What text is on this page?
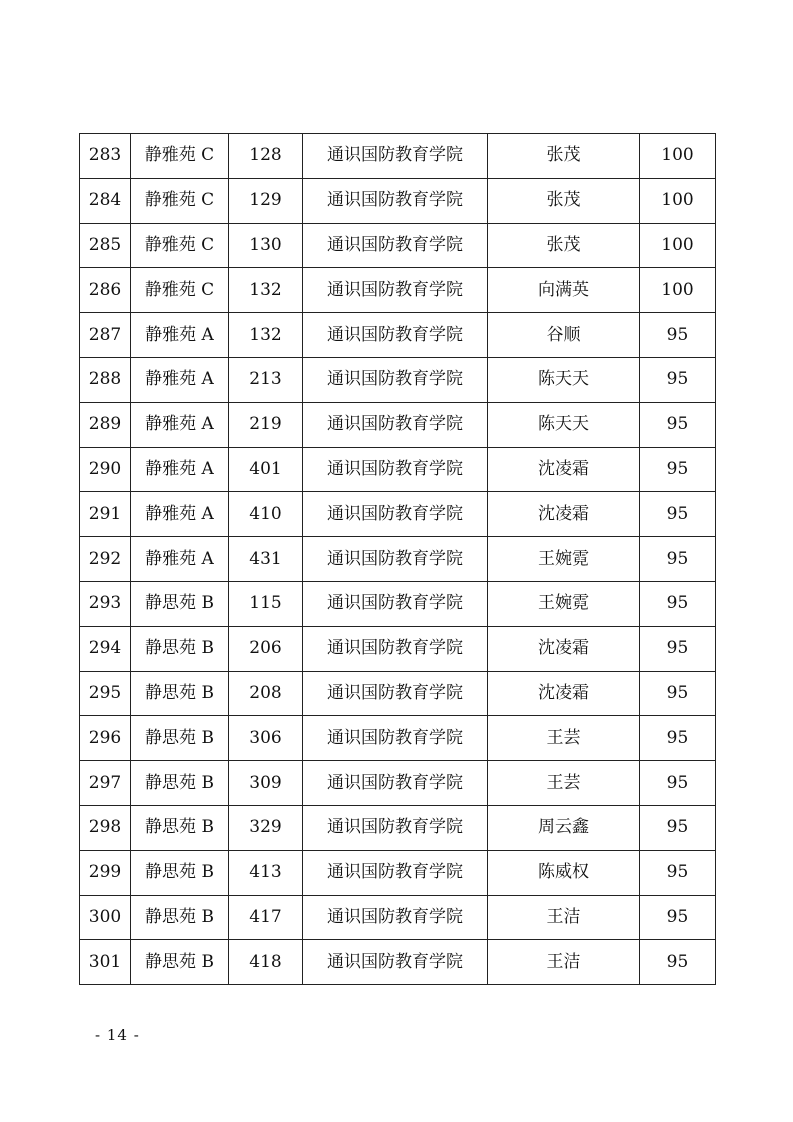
283	静雅苑 C	128	通识国防教育学院	张茂	100
284	静雅苑 C	129	通识国防教育学院	张茂	100
285	静雅苑 C	130	通识国防教育学院	张茂	100
286	静雅苑 C	132	通识国防教育学院	向满英	100
287	静雅苑 A	132	通识国防教育学院	谷顺	95
288	静雅苑 A	213	通识国防教育学院	陈天天	95
289	静雅苑 A	219	通识国防教育学院	陈天天	95
290	静雅苑 A	401	通识国防教育学院	沈凌霜	95
291	静雅苑 A	410	通识国防教育学院	沈凌霜	95
292	静雅苑 A	431	通识国防教育学院	王婉霓	95
293	静思苑 B	115	通识国防教育学院	王婉霓	95
294	静思苑 B	206	通识国防教育学院	沈凌霜	95
295	静思苑 B	208	通识国防教育学院	沈凌霜	95
296	静思苑 B	306	通识国防教育学院	王芸	95
297	静思苑 B	309	通识国防教育学院	王芸	95
298	静思苑 B	329	通识国防教育学院	周云鑫	95
299	静思苑 B	413	通识国防教育学院	陈威权	95
300	静思苑 B	417	通识国防教育学院	王洁	95
301	静思苑 B	418	通识国防教育学院	王洁	95
- 14 -
